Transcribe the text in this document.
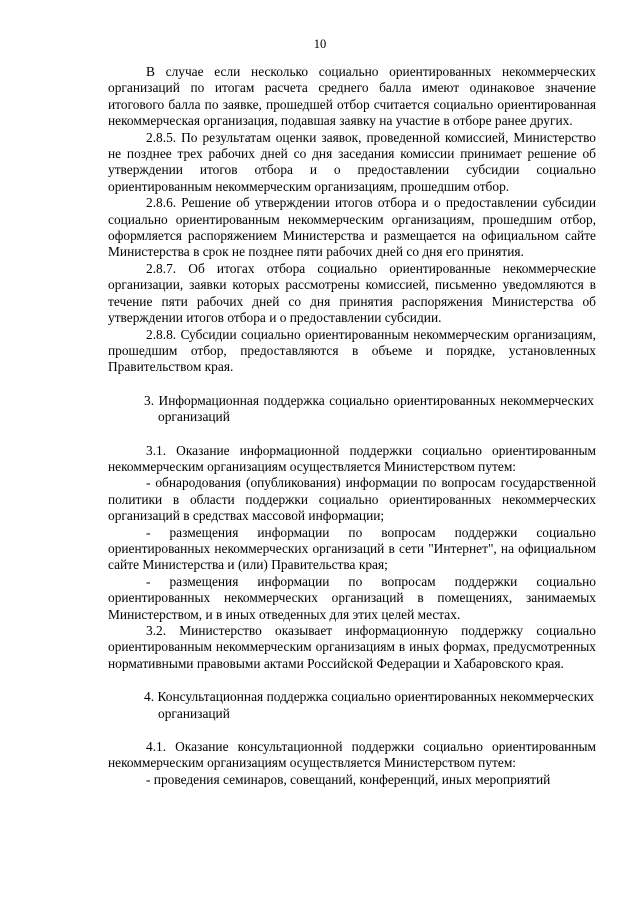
10

В случае если несколько социально ориентированных некоммерческих организаций по итогам расчета среднего балла имеют одинаковое значение итогового балла по заявке, прошедшей отбор считается социально ориентированная некоммерческая организация, подавшая заявку на участие в отборе ранее других.

2.8.5. По результатам оценки заявок, проведенной комиссией, Министерство не позднее трех рабочих дней со дня заседания комиссии принимает решение об утверждении итогов отбора и о предоставлении субсидии социально ориентированным некоммерческим организациям, прошедшим отбор.

2.8.6. Решение об утверждении итогов отбора и о предоставлении субсидии социально ориентированным некоммерческим организациям, прошедшим отбор, оформляется распоряжением Министерства и размещается на официальном сайте Министерства в срок не позднее пяти рабочих дней со дня его принятия.

2.8.7. Об итогах отбора социально ориентированные некоммерческие организации, заявки которых рассмотрены комиссией, письменно уведомляются в течение пяти рабочих дней со дня принятия распоряжения Министерства об утверждении итогов отбора и о предоставлении субсидии.

2.8.8. Субсидии социально ориентированным некоммерческим организациям, прошедшим отбор, предоставляются в объеме и порядке, установленных Правительством края.

3. Информационная поддержка социально ориентированных некоммерческих организаций

3.1. Оказание информационной поддержки социально ориентированным некоммерческим организациям осуществляется Министерством путем:

- обнародования (опубликования) информации по вопросам государственной политики в области поддержки социально ориентированных некоммерческих организаций в средствах массовой информации;

- размещения информации по вопросам поддержки социально ориентированных некоммерческих организаций в сети "Интернет", на официальном сайте Министерства и (или) Правительства края;

- размещения информации по вопросам поддержки социально ориентированных некоммерческих организаций в помещениях, занимаемых Министерством, и в иных отведенных для этих целей местах.

3.2. Министерство оказывает информационную поддержку социально ориентированным некоммерческим организациям в иных формах, предусмотренных нормативными правовыми актами Российской Федерации и Хабаровского края.

4. Консультационная поддержка социально ориентированных некоммерческих организаций

4.1. Оказание консультационной поддержки социально ориентированным некоммерческим организациям осуществляется Министерством путем:

- проведения семинаров, совещаний, конференций, иных мероприятий
